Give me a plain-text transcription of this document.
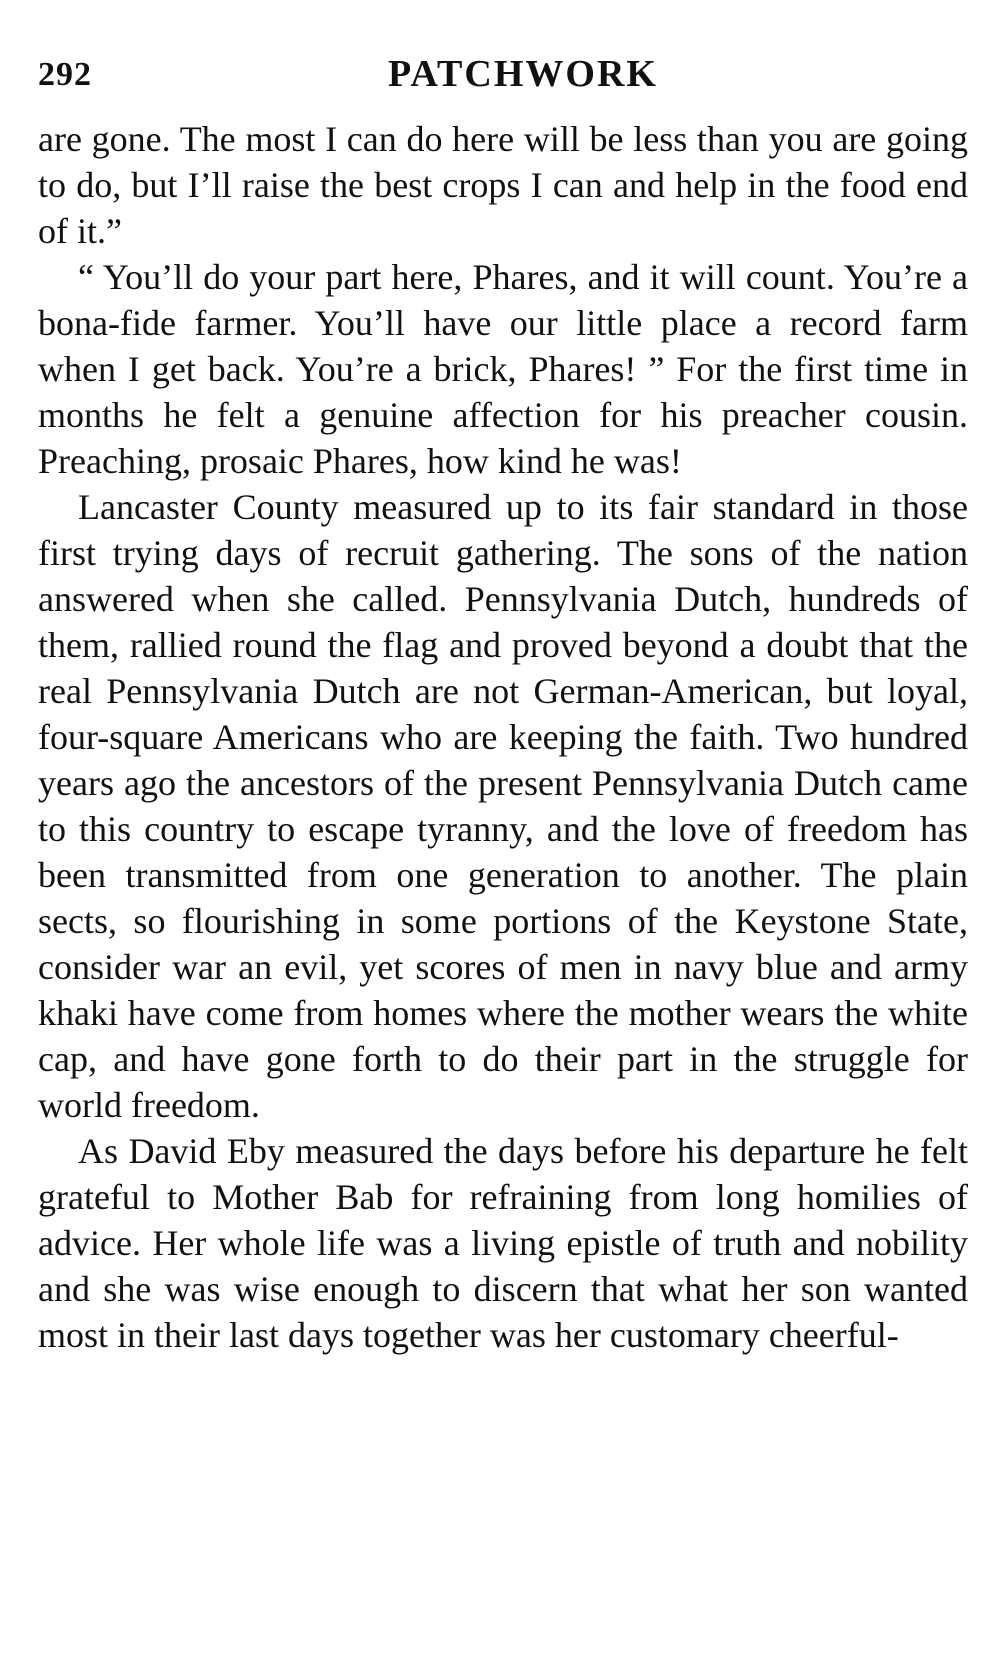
292	PATCHWORK

are gone. The most I can do here will be less than you are going to do, but I’ll raise the best crops I can and help in the food end of it.”

“ You’ll do your part here, Phares, and it will count. You’re a bona-fide farmer. You’ll have our little place a record farm when I get back. You’re a brick, Phares! ” For the first time in months he felt a genuine affection for his preacher cousin. Preaching, prosaic Phares, how kind he was!

Lancaster County measured up to its fair standard in those first trying days of recruit gathering. The sons of the nation answered when she called. Pennsylvania Dutch, hundreds of them, rallied round the flag and proved beyond a doubt that the real Pennsylvania Dutch are not German-American, but loyal, four-square Americans who are keeping the faith. Two hundred years ago the ancestors of the present Pennsylvania Dutch came to this country to escape tyranny, and the love of freedom has been transmitted from one generation to another. The plain sects, so flourishing in some portions of the Keystone State, consider war an evil, yet scores of men in navy blue and army khaki have come from homes where the mother wears the white cap, and have gone forth to do their part in the struggle for world freedom.

As David Eby measured the days before his departure he felt grateful to Mother Bab for refraining from long homilies of advice. Her whole life was a living epistle of truth and nobility and she was wise enough to discern that what her son wanted most in their last days together was her customary cheerful-
